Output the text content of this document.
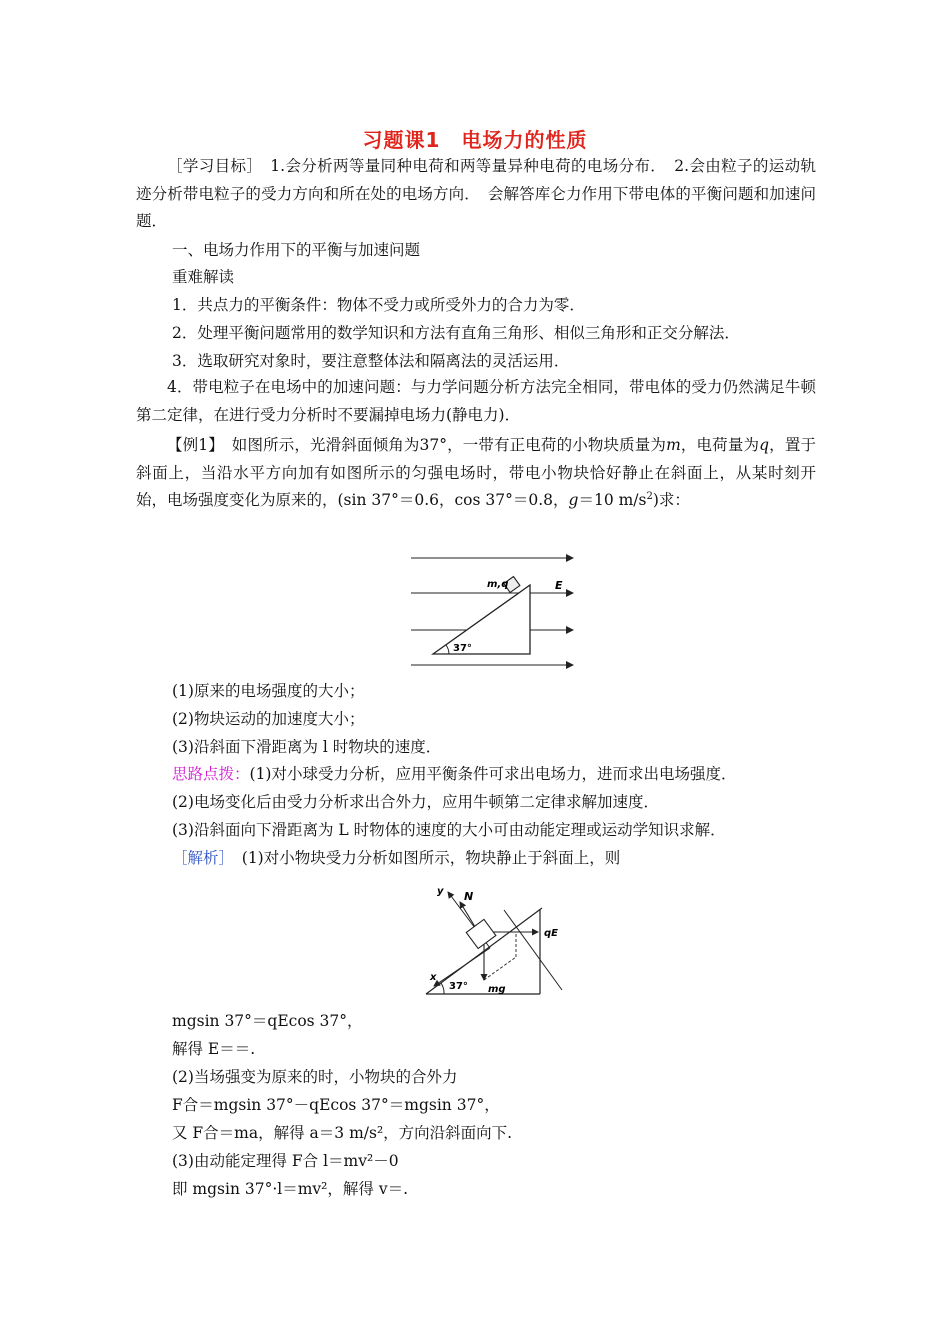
习题课1　电场力的性质
［学习目标］　1.会分析两等量同种电荷和两等量异种电荷的电场分布．　2.会由粒子的运动轨迹分析带电粒子的受力方向和所在处的电场方向．　会解答库仑力作用下带电体的平衡问题和加速问题．
一、电场力作用下的平衡与加速问题
重难解读
1．共点力的平衡条件：物体不受力或所受外力的合力为零．
2．处理平衡问题常用的数学知识和方法有直角三角形、相似三角形和正交分解法．
3．选取研究对象时，要注意整体法和隔离法的灵活运用．
4．带电粒子在电场中的加速问题：与力学问题分析方法完全相同，带电体的受力仍然满足牛顿第二定律，在进行受力分析时不要漏掉电场力(静电力)．
【例1】　如图所示，光滑斜面倾角为37°，一带有正电荷的小物块质量为m，电荷量为q，置于斜面上，当沿水平方向加有如图所示的匀强电场时，带电小物块恰好静止在斜面上，从某时刻开始，电场强度变化为原来的，(sin 37°＝0.6，cos 37°＝0.8，g＝10 $m/s^2$)求：
m,q	E
37°
(1)原来的电场强度的大小；
(2)物块运动的加速度大小；
(3)沿斜面下滑距离为 l 时物块的速度．
思路点拨：(1)对小球受力分析，应用平衡条件可求出电场力，进而求出电场强度．
(2)电场变化后由受力分析求出合外力，应用牛顿第二定律求解加速度．
(3)沿斜面向下滑距离为 L 时物体的速度的大小可由动能定理或运动学知识求解．
［解析］　(1)对小物块受力分析如图所示，物块静止于斜面上，则
y N
qE
x
mg
37°
mgsin 37°＝qEcos 37°，
解得 E＝＝.
(2)当场强变为原来的时，小物块的合外力
F合＝mgsin 37°－qEcos 37°＝mgsin 37°，
又 F合＝ma，解得 a＝3 m/s²，方向沿斜面向下.
(3)由动能定理得 F合 l＝mv²－0
即 mgsin 37°·l＝mv²，解得 v＝.
